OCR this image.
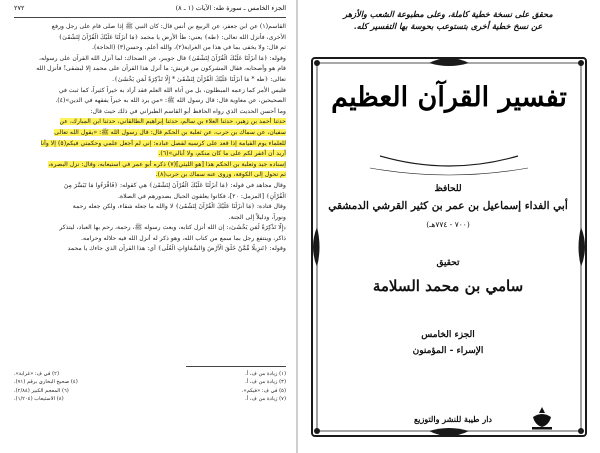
٢٧٢	الجزء الخامس ـ سورة طه: الآيات (١ ـ ٨)
القاسم(١) عن ابن جعفر، عن الربيع بن أنس قال: كان النبي ﷺ إذا صلى قام على رجل ورفع
الأخرى، فأنزل الله تعالى: ﴿طه﴾ يعني: طأ الأرض يا محمد ﴿مَا أَنزَلْنَا عَلَيْكَ الْقُرْآنَ لِتَشْقَىٰ﴾
ثم قال: ولا يخفى بما في هذا من الغرابة(٢)، والله أعلم. وحسن(٣) (الحاجة).
وقوله: ﴿مَا أَنزَلْنَا عَلَيْكَ الْقُرْآنَ لِتَشْقَىٰ﴾ قال جويبر، عن الضحاك: لما أنزل الله القرآن على رسوله،
قام هو وأصحابه، فقال المشركون من قريش: ما أنزل هذا القرآن على محمد إلا ليشقى! فأنزل الله
تعالى: ﴿طه * مَا أَنزَلْنَا عَلَيْكَ الْقُرْآنَ لِتَشْقَىٰ * إِلَّا تَذْكِرَةً لِّمَن يَخْشَىٰ﴾.
فليس الأمر كما زعمه المبطلون، بل من آتاه الله العلم فقد أراد به خيراً كثيراً، كما ثبت في
الصحيحين، عن معاوية قال: قال رسول الله ﷺ: «من يرد الله به خيراً يفقهه في الدين»(٤).
وما أحسن الحديث الذي رواه الحافظ أبو القاسم الطبراني في ذلك حيث قال:
حدثنا أحمد بن زهير، حدثنا العلاء بن سالم، حدثنا إبراهيم الطالقاني، حدثنا ابن المبارك، عن
سفيان، عن سماك بن حرب، عن ثعلبة بن الحكم قال: قال رسول الله ﷺ: «يقول الله تعالى
للعلماء يوم القيامة إذا قعد على كرسيه لفصل عباده: إني لم أجعل علمي وحكمتي فيكم(٥) إلا وأنا
أريد أن أغفر لكم على ما كان منكم، ولا أبالي»(٦).
إسناده جيد وثعلبة بن الحكم هذا [هو الليثي](٧) ذكره أبو عمر في استيعابه، وقال: نزل البصرة،
ثم تحول إلى الكوفة، وروى عنه سماك بن حرب(٨).
وقال مجاهد في قوله: ﴿مَا أَنزَلْنَا عَلَيْكَ الْقُرْآنَ لِتَشْقَىٰ﴾ هي كقوله: ﴿فَاقْرَءُوا مَا تَيَسَّرَ مِنَ
الْقُرْآنِ﴾ [المزمل: ٢٠]، فكانوا يعلقون الحبال بصدورهم في الصلاة.
وقال قتادة: ﴿مَا أَنزَلْنَا عَلَيْكَ الْقُرْآنَ لِتَشْقَىٰ﴾ لا والله ما جعله شقاء، ولكن جعله رحمة
ونوراً، ودليلاً إلى الجنة.
﴿إِلَّا تَذْكِرَةً لِّمَن يَخْشَىٰ﴾: إن الله أنزل كتابه، وبعث رسوله ﷺ، رحمة، رحم بها العباد، ليتذكر
ذاكر، وينتفع رجل بما سمع من كتاب الله، وهو ذكر له أنزل الله فيه حلاله وحرامه.
وقوله: ﴿تَنزِيلًا مِّمَّنْ خَلَقَ الْأَرْضَ وَالسَّمَاوَاتِ الْعُلَى﴾ أي: هذا القرآن الذي جاءك يا محمد
(١) زيادة من ف، أ.
(٢) في ف: «غرابة».
(٣) زيادة من ف، أ.
(٤) صحيح البخاري برقم (٧١).
(٥) في ف: «فيكم».
(٦) المعجم الكبير (٢/٨٤).
(٧) زيادة من ف، أ.
(٨) الاستيعاب (١/٢٠٤).
محقق على نسخة خطية كاملة، وعلى مطبوعة الشعب والأزهر
عن نسخ خطية أخرى بتستوعب بحوسة بها التفسير كله.
تفسير القرآن العظيم
للحافظ
أبي الفداء إسماعيل بن عمر بن كثير القرشي الدمشقي
(٧٠٠ - ٧٧٤هـ)
تحقيق
سامي بن محمد السلامة
الجزء الخامس
الإسراء - المؤمنون
دار طيبة للنشر والتوزيع
